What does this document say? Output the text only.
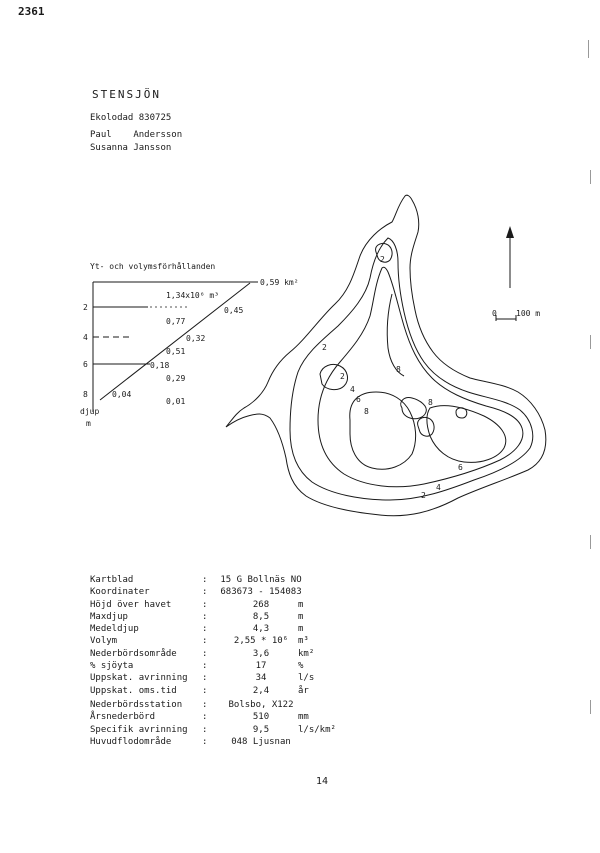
2361
STENSJÖN
Ekolodad 830725
Paul    Andersson
Susanna Jansson
Yt- och volymsförhållanden
2
4
6
8
djup
m
0,59 km²
1,34x10⁶ m³
0,45
0,32
0,18
0,04
0,77
0,51
0,29
0,01
2
2
2
4
4
6
6
8
8
8
2
0 100 m
Kartblad	:	15 G Bollnäs NO
Koordinater	:	683673 - 154083
Höjd över havet	:	268	m
Maxdjup	:	8,5	m
Medeldjup	:	4,3	m
Volym	:	2,55 * 10⁶	m³
Nederbördsområde	:	3,6	km²
% sjöyta	:	17	%
Uppskat. avrinning :	34	l/s
Uppskat. oms.tid	:	2,4	år
Nederbördsstation :	Bolsbo, X122
Årsnederbörd	:	510	mm
Specifik avrinning :	9,5	l/s/km²
Huvudflodområde	:	048 Ljusnan
14
